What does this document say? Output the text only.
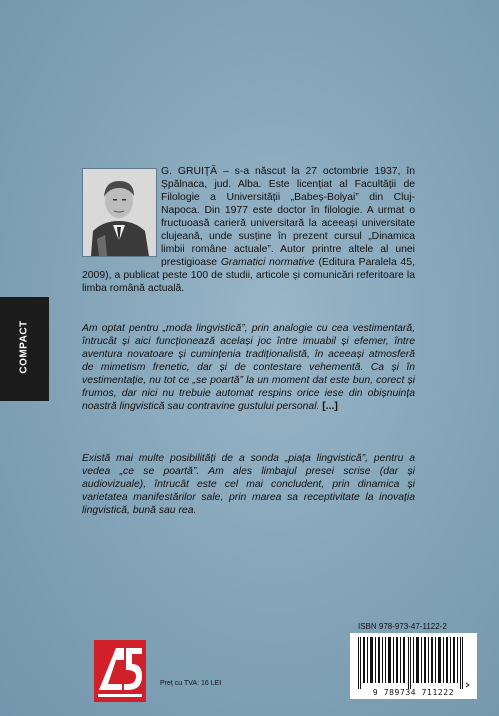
COMPACT
G. GRUIȚĂ – s-a născut la 27 octombrie 1937, în Șpălnaca, jud. Alba. Este licențiat al Facultății de Filologie a Universității „Babeș-Bolyai” din Cluj-Napoca. Din 1977 este doctor în filologie. A urmat o fructuoasă carieră universitară la aceeași universitate clujeană, unde susține în prezent cursul „Dinamica limbii române actuale”. Autor printre altele al unei prestigioase Gramatici normative (Editura Paralela 45, 2009), a publicat peste 100 de studii, articole și comunicări referitoare la limba română actuală.

Am optat pentru „moda lingvistică”, prin analogie cu cea vestimentară, întrucât și aici funcționează același joc între imuabil și efemer, între aventura novatoare și cumințenia tradiționalistă, în aceeași atmosferă de mimetism frenetic, dar și de contestare vehementă. Ca și în vestimentație, nu tot ce „se poartă” la un moment dat este bun, corect și frumos, dar nici nu trebuie automat respins orice iese din obișnuința noastră lingvistică sau contravine gustului personal. [...]

Există mai multe posibilități de a sonda „piața lingvistică”, pentru a vedea „ce se poartă”. Am ales limbajul presei scrise (dar și audiovizuale), întrucât este cel mai concludent, prin dinamica și varietatea manifestărilor sale, prin marea sa receptivitate la inovația lingvistică, bună sau rea.

ISBN 978-973-47-1122-2
9 789734 711222
Preț cu TVA: 16 LEI
